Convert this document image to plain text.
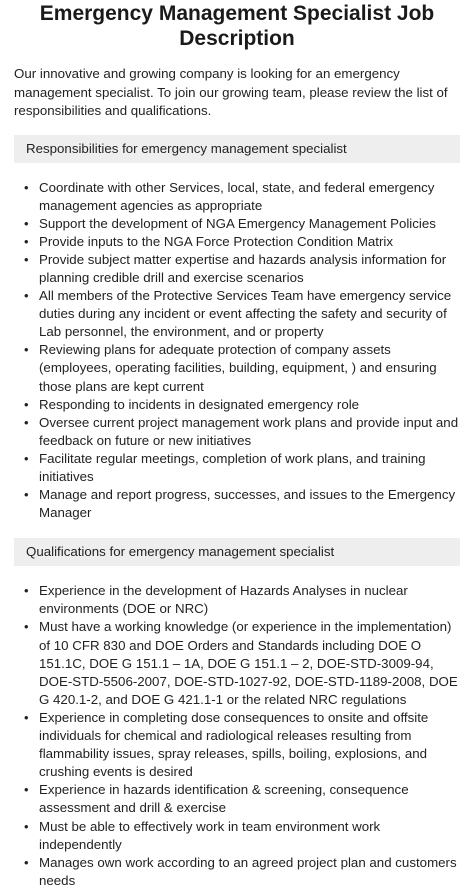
Emergency Management Specialist Job Description

Our innovative and growing company is looking for an emergency management specialist. To join our growing team, please review the list of responsibilities and qualifications.

Responsibilities for emergency management specialist
• Coordinate with other Services, local, state, and federal emergency management agencies as appropriate
• Support the development of NGA Emergency Management Policies
• Provide inputs to the NGA Force Protection Condition Matrix
• Provide subject matter expertise and hazards analysis information for planning credible drill and exercise scenarios
• All members of the Protective Services Team have emergency service duties during any incident or event affecting the safety and security of Lab personnel, the environment, and or property
• Reviewing plans for adequate protection of company assets (employees, operating facilities, building, equipment, ) and ensuring those plans are kept current
• Responding to incidents in designated emergency role
• Oversee current project management work plans and provide input and feedback on future or new initiatives
• Facilitate regular meetings, completion of work plans, and training initiatives
• Manage and report progress, successes, and issues to the Emergency Manager
Qualifications for emergency management specialist
• Experience in the development of Hazards Analyses in nuclear environments (DOE or NRC)
• Must have a working knowledge (or experience in the implementation) of 10 CFR 830 and DOE Orders and Standards including DOE O 151.1C, DOE G 151.1 – 1A, DOE G 151.1 – 2, DOE-STD-3009-94, DOE-STD-5506-2007, DOE-STD-1027-92, DOE-STD-1189-2008, DOE G 420.1-2, and DOE G 421.1-1 or the related NRC regulations
• Experience in completing dose consequences to onsite and offsite individuals for chemical and radiological releases resulting from flammability issues, spray releases, spills, boiling, explosions, and crushing events is desired
• Experience in hazards identification & screening, consequence assessment and drill & exercise
• Must be able to effectively work in team environment work independently
• Manages own work according to an agreed project plan and customers needs
